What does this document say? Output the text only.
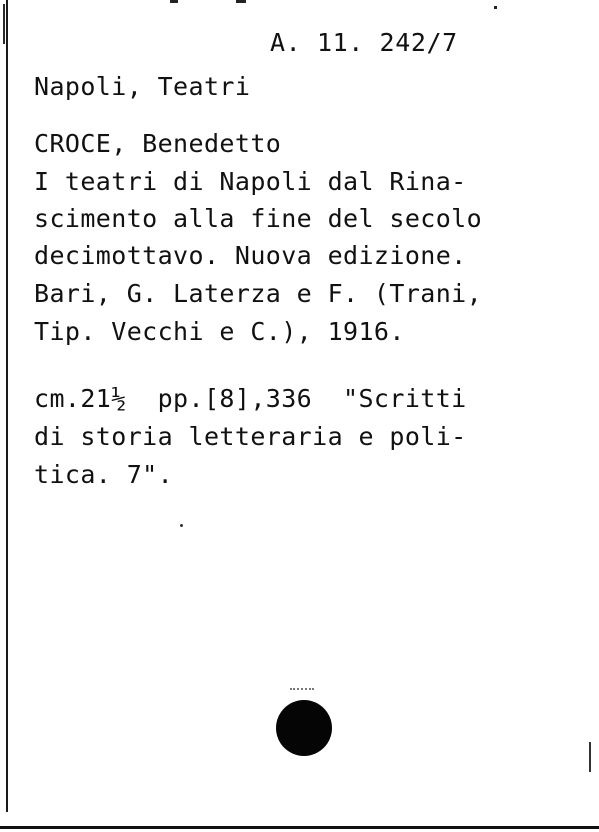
A. 11. 242/7
Napoli, Teatri
CROCE, Benedetto
I teatri di Napoli dal Rina-
scimento alla fine del secolo
decimottavo. Nuova edizione.
Bari, G. Laterza e F. (Trani,
Tip. Vecchi e C.), 1916.
cm.21½  pp.[8],336  "Scritti
di storia letteraria e poli-
tica. 7".
